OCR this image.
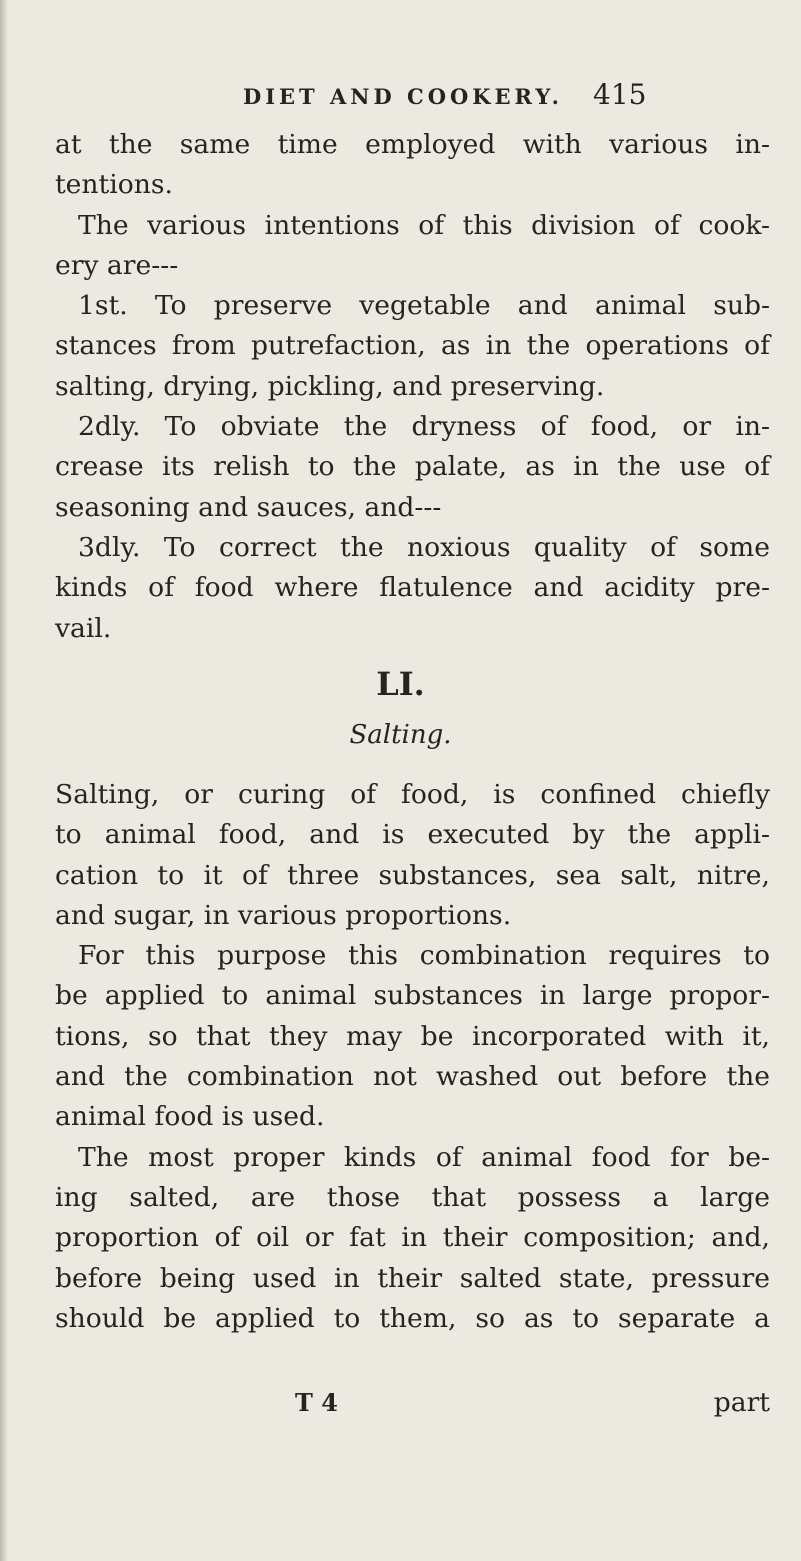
DIET AND COOKERY. 415
at the same time employed with various in-
tentions.
The various intentions of this division of cook-
ery are---
1st. To preserve vegetable and animal sub-
stances from putrefaction, as in the operations of
salting, drying, pickling, and preserving.
2dly. To obviate the dryness of food, or in-
crease its relish to the palate, as in the use of
seasoning and sauces, and---
3dly. To correct the noxious quality of some
kinds of food where flatulence and acidity pre-
vail.
LI.
Salting.
Salting, or curing of food, is confined chiefly
to animal food, and is executed by the appli-
cation to it of three substances, sea salt, nitre,
and sugar, in various proportions.
For this purpose this combination requires to
be applied to animal substances in large propor-
tions, so that they may be incorporated with it,
and the combination not washed out before the
animal food is used.
The most proper kinds of animal food for be-
ing salted, are those that possess a large
proportion of oil or fat in their composition; and,
before being used in their salted state, pressure
should be applied to them, so as to separate a
T 4	part
